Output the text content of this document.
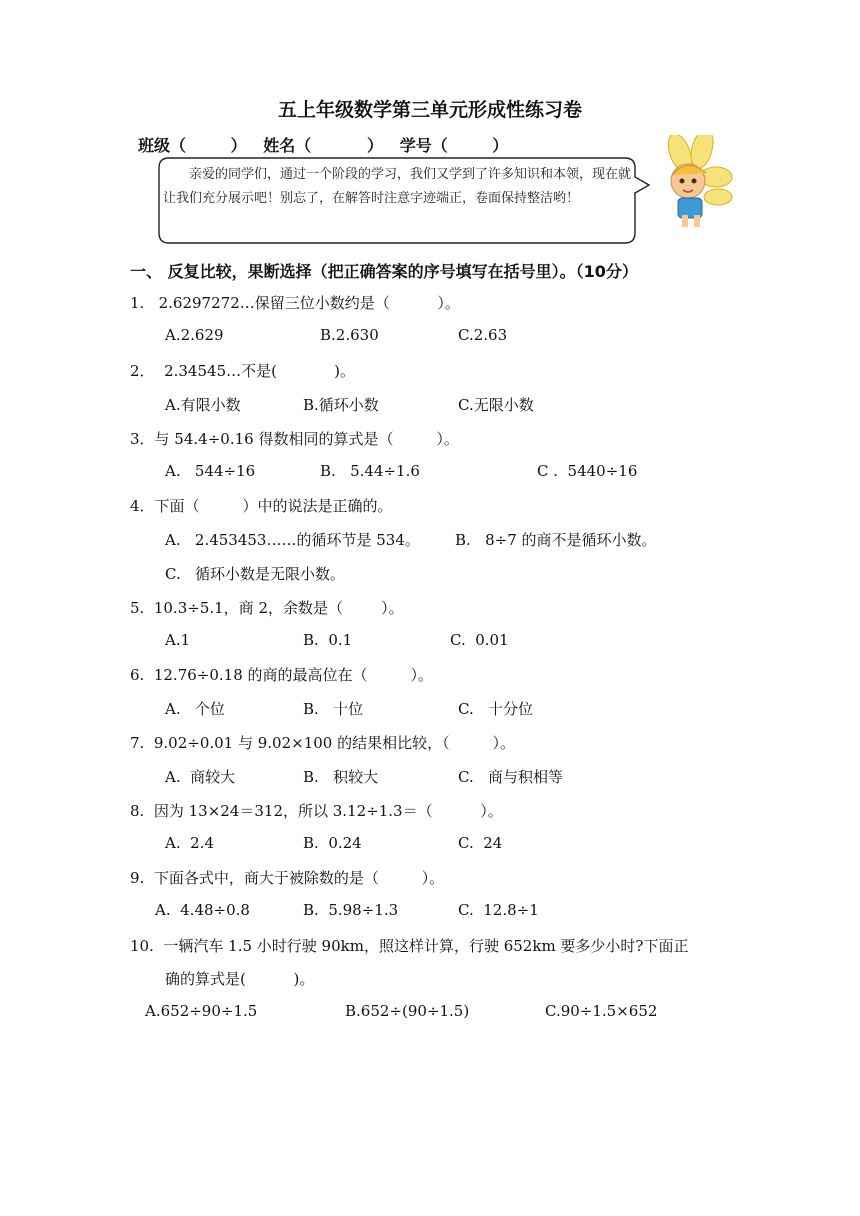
五上年级数学第三单元形成性练习卷
班级（        ）   姓名（          ）   学号（        ）
亲爱的同学们，通过一个阶段的学习，我们又学到了许多知识和本领，现在就让我们充分展示吧！别忘了，在解答时注意字迹端正，卷面保持整洁哟！
一、 反复比较，果断选择（把正确答案的序号填写在括号里）。（10分）
1.   2.6297272…保留三位小数约是（          ）。
A.2.629	B.2.630	C.2.63
2．  2.34545…不是(            )。
A.有限小数	B.循环小数	C.无限小数
3．与 54.4÷0.16 得数相同的算式是（         ）。
A.   544÷16	B.   5.44÷1.6	C .  5440÷16
4．下面（         ）中的说法是正确的。
A.   2.453453……的循环节是 534。 B.   8÷7 的商不是循环小数。
C.   循环小数是无限小数。
5.  10.3÷5.1，商 2，余数是（        ）。
A.1	B.  0.1	C.  0.01
6.  12.76÷0.18 的商的最高位在（         ）。
A.   个位	B.   十位	C.   十分位
7.  9.02÷0.01 与 9.02×100 的结果相比较，（         ）。
A.  商较大	B.   积较大	C.   商与积相等
8.  因为 13×24＝312，所以 3.12÷1.3＝（          ）。
A.  2.4	B.  0.24	C.  24
9.  下面各式中，商大于被除数的是（         ）。
A.  4.48÷0.8	B.  5.98÷1.3	C.  12.8÷1
10.  一辆汽车 1.5 小时行驶 90km，照这样计算，行驶 652km 要多少小时?下面正
确的算式是(          )。
A.652÷90÷1.5	B.652÷(90÷1.5)	C.90÷1.5×652
